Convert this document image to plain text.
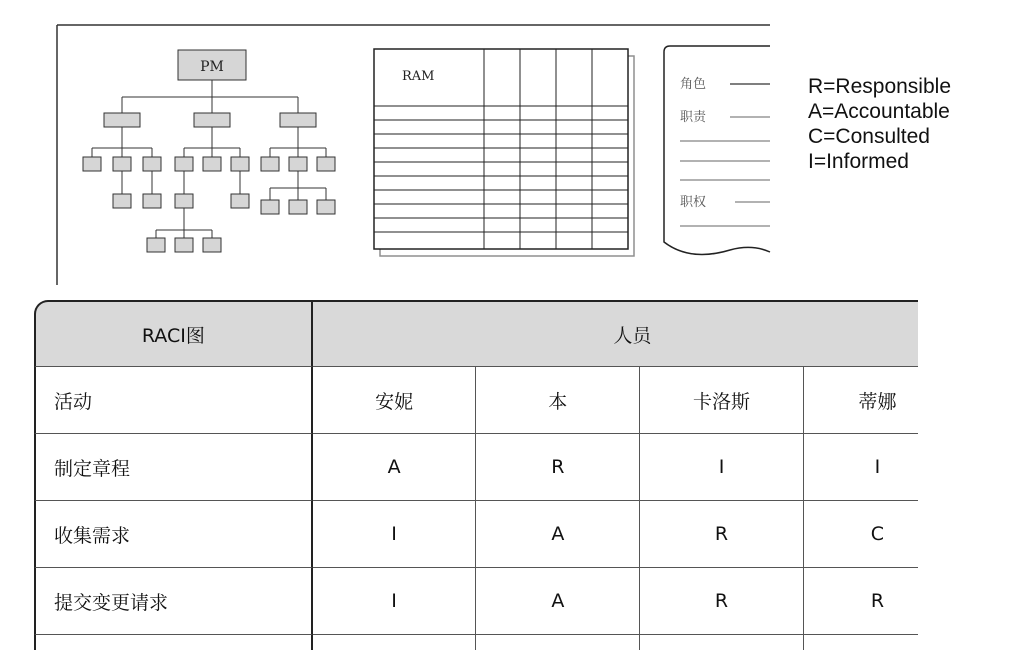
PM
RAM
角色
职责
职权
R=Responsible
A=Accountable
C=Consulted
I=Informed
RACI图	人员			
活动	安妮	本	卡洛斯	蒂娜
制定章程	A	R	I	I
收集需求	I	A	R	C
提交变更请求	I	A	R	R
